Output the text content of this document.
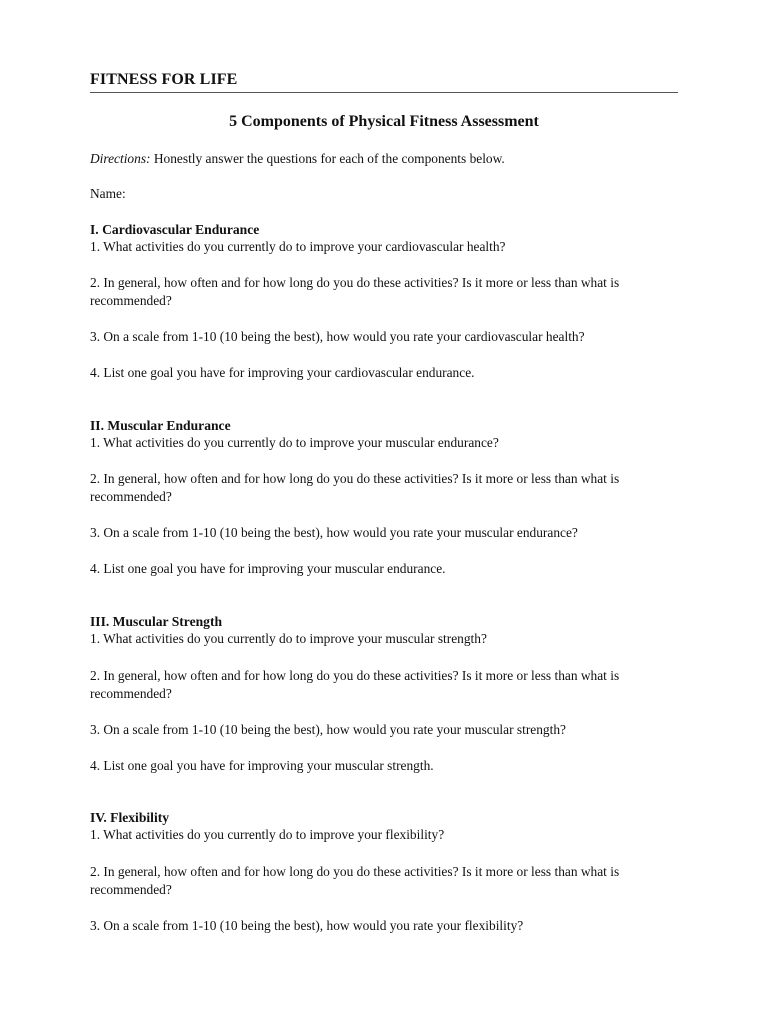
FITNESS FOR LIFE
5 Components of Physical Fitness Assessment
Directions: Honestly answer the questions for each of the components below.
Name:
I. Cardiovascular Endurance
1. What activities do you currently do to improve your cardiovascular health?
2. In general, how often and for how long do you do these activities? Is it more or less than what is recommended?
3. On a scale from 1-10 (10 being the best), how would you rate your cardiovascular health?
4. List one goal you have for improving your cardiovascular endurance.
II. Muscular Endurance
1. What activities do you currently do to improve your muscular endurance?
2. In general, how often and for how long do you do these activities? Is it more or less than what is recommended?
3. On a scale from 1-10 (10 being the best), how would you rate your muscular endurance?
4. List one goal you have for improving your muscular endurance.
III. Muscular Strength
1. What activities do you currently do to improve your muscular strength?
2. In general, how often and for how long do you do these activities? Is it more or less than what is recommended?
3. On a scale from 1-10 (10 being the best), how would you rate your muscular strength?
4. List one goal you have for improving your muscular strength.
IV. Flexibility
1. What activities do you currently do to improve your flexibility?
2. In general, how often and for how long do you do these activities? Is it more or less than what is recommended?
3. On a scale from 1-10 (10 being the best), how would you rate your flexibility?
